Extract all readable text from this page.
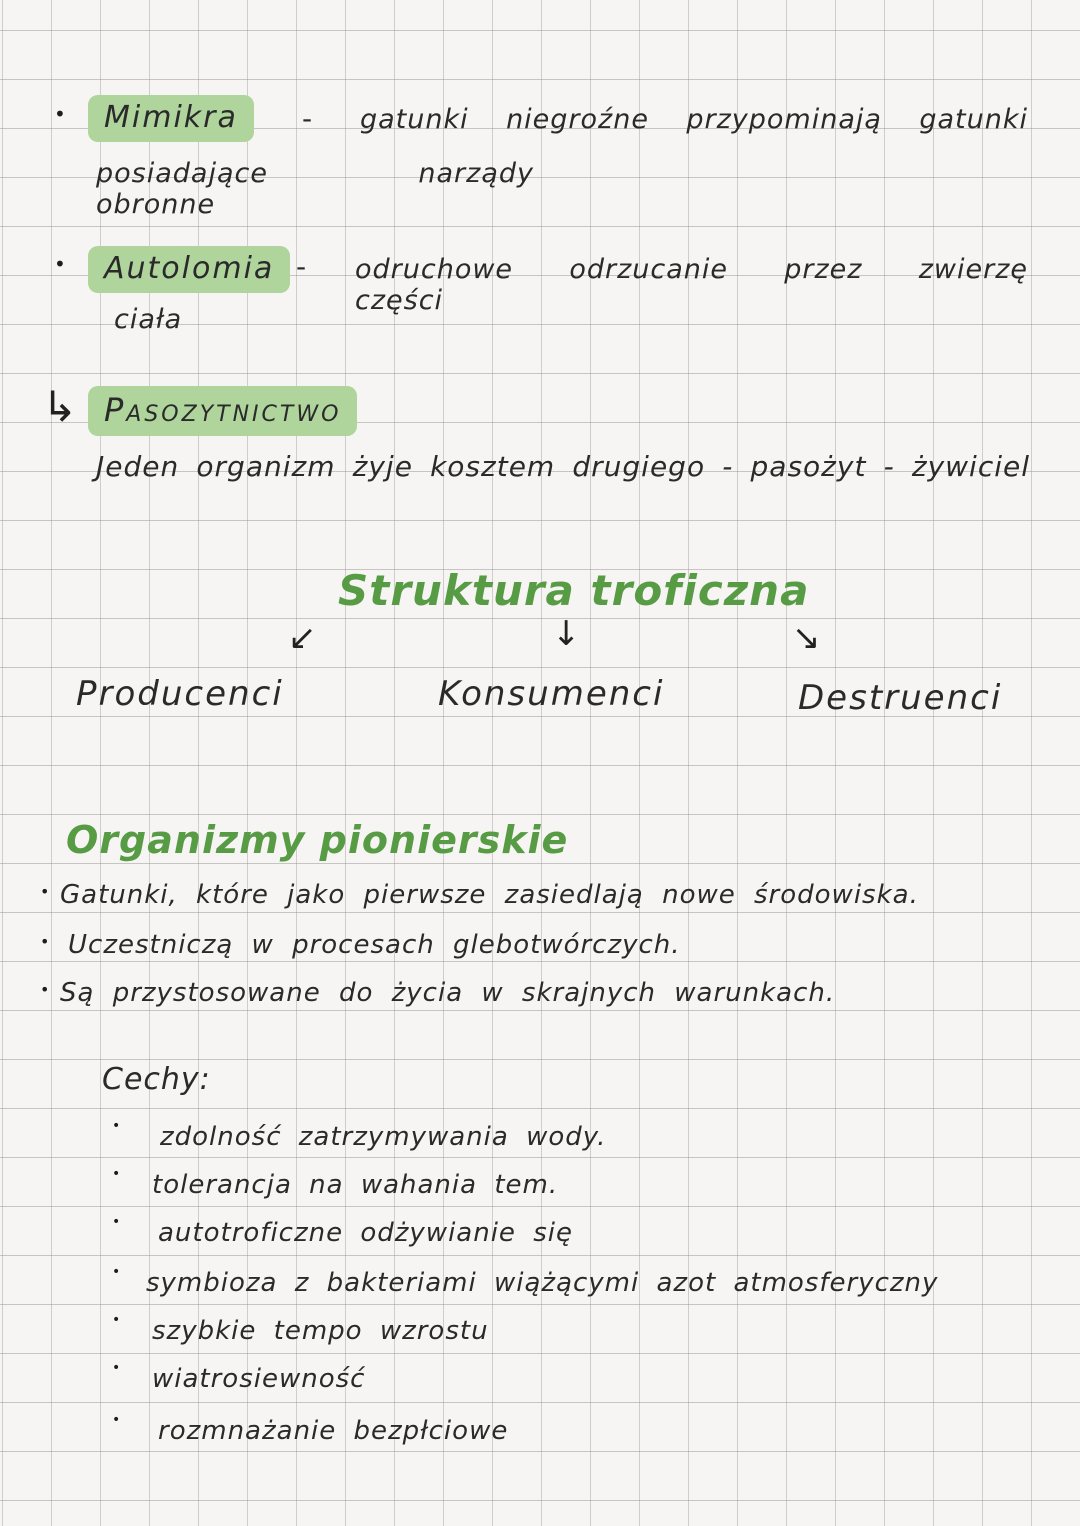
•	Mimikra	- gatunki niegroźne przypominają gatunki
posiadające narządy obronne
•	Autolomia - odruchowe odrzucanie przez zwierzę części
ciała
↳ Pasozytnictwo
Jeden organizm żyje kosztem drugiego - pasożyt - żywiciel
Struktura troficzna
↙	↓	↘
Producenci	Konsumenci	Destruenci
Organizmy pionierskie
• Gatunki, które jako pierwsze zasiedlają nowe środowiska.
• Uczestniczą w procesach glebotwórczych.
• Są przystosowane do życia w skrajnych warunkach.
Cechy:
• zdolność zatrzymywania wody.
• tolerancja na wahania tem.
• autotroficzne odżywianie się
• symbioza z bakteriami wiążącymi azot atmosferyczny
• szybkie tempo wzrostu
• wiatrosiewność
• rozmnażanie bezpłciowe
